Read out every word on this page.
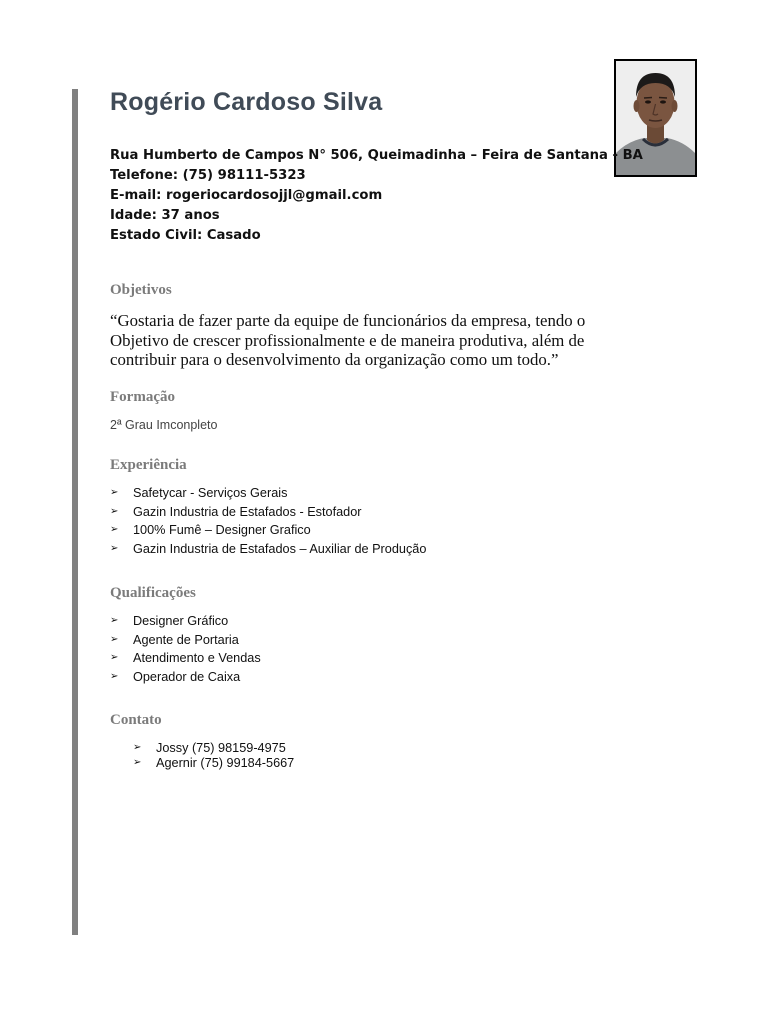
Rogério Cardoso Silva
Rua Humberto de Campos N° 506, Queimadinha – Feira de Santana - BA
Telefone: (75) 98111-5323
E-mail: rogeriocardosojjl@gmail.com
Idade: 37 anos
Estado Civil: Casado
Objetivos

“Gostaria de fazer parte da equipe de funcionários da empresa, tendo o Objetivo de crescer profissionalmente e de maneira produtiva, além de contribuir para o desenvolvimento da organização como um todo.”

Formação

2ª Grau Imconpleto

Experiência
➢ Safetycar - Serviços Gerais
➢ Gazin Industria de Estafados - Estofador
➢ 100% Fumê – Designer Grafico
➢ Gazin Industria de Estafados – Auxiliar de Produção
Qualificações
➢ Designer Gráfico
➢ Agente de Portaria
➢ Atendimento e Vendas
➢ Operador de Caixa
Contato
➢ Jossy (75) 98159-4975
➢ Agernir (75) 99184-5667
